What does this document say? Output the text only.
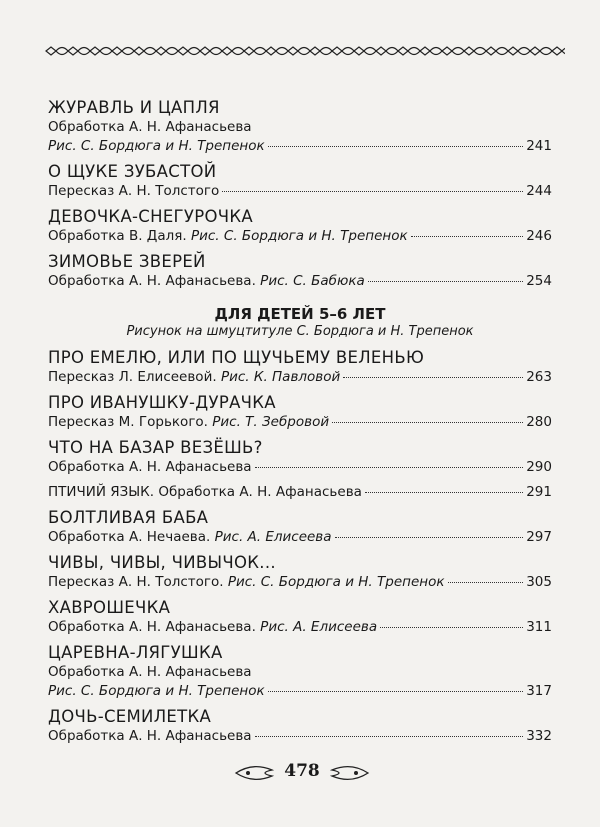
ЖУРАВЛЬ И ЦАПЛЯ
Обработка А. Н. Афанасьева
Рис. С. Бордюга и Н. Трепенок	241
О ЩУКЕ ЗУБАСТОЙ
Пересказ А. Н. Толстого	244
ДЕВОЧКА-СНЕГУРОЧКА
Обработка В. Даля. Рис. С. Бордюга и Н. Трепенок	246
ЗИМОВЬЕ ЗВЕРЕЙ
Обработка А. Н. Афанасьева. Рис. С. Бабюка	254
ДЛЯ ДЕТЕЙ 5–6 ЛЕТ
Рисунок на шмуцтитуле С. Бордюга и Н. Трепенок
ПРО ЕМЕЛЮ, ИЛИ ПО ЩУЧЬЕМУ ВЕЛЕНЬЮ
Пересказ Л. Елисеевой. Рис. К. Павловой	263
ПРО ИВАНУШКУ-ДУРАЧКА
Пересказ М. Горького. Рис. Т. Зебровой	280
ЧТО НА БАЗАР ВЕЗЁШЬ?
Обработка А. Н. Афанасьева	290
ПТИЧИЙ ЯЗЫК. Обработка А. Н. Афанасьева	291
БОЛТЛИВАЯ БАБА
Обработка А. Нечаева. Рис. А. Елисеева	297
ЧИВЫ, ЧИВЫ, ЧИВЫЧОК...
Пересказ А. Н. Толстого. Рис. С. Бордюга и Н. Трепенок	305
ХАВРОШЕЧКА
Обработка А. Н. Афанасьева. Рис. А. Елисеева	311
ЦАРЕВНА-ЛЯГУШКА
Обработка А. Н. Афанасьева
Рис. С. Бордюга и Н. Трепенок	317
ДОЧЬ-СЕМИЛЕТКА
Обработка А. Н. Афанасьева	332
478
